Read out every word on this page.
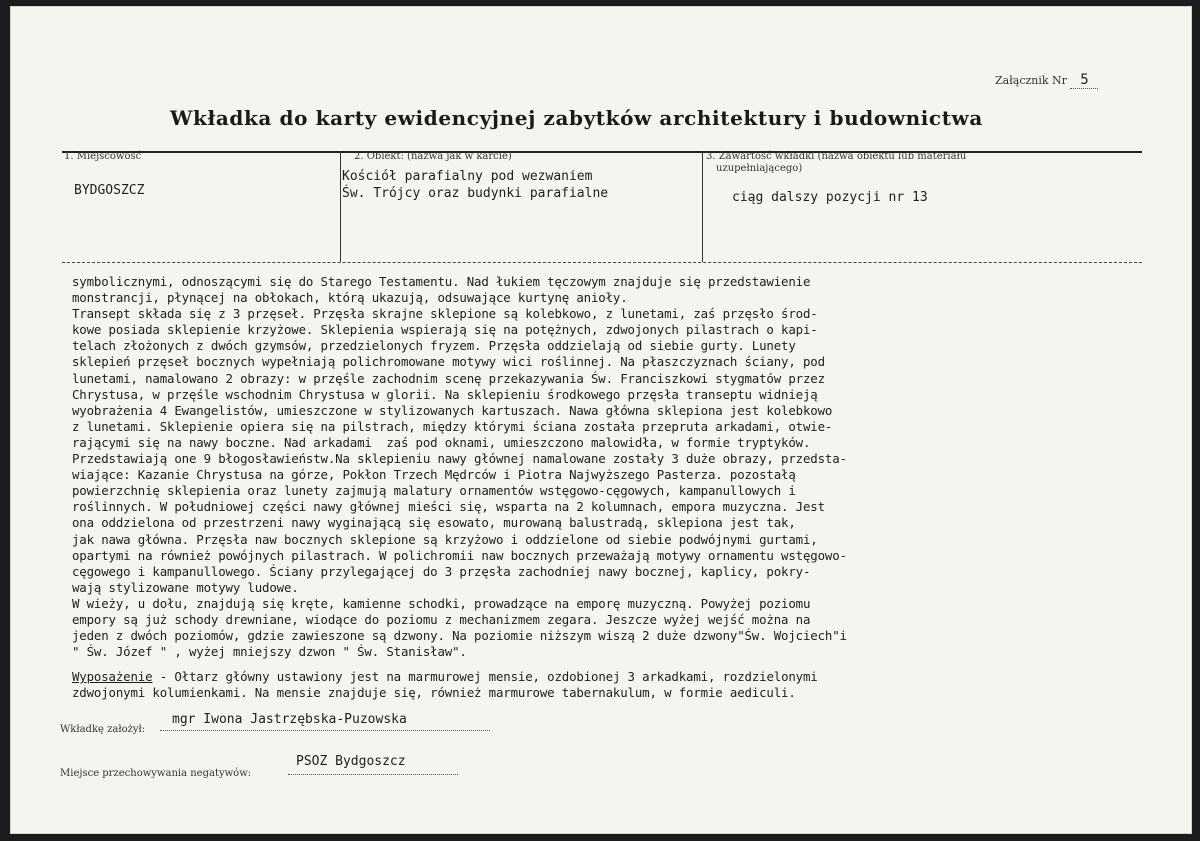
Załącznik Nr 5
Wkładka do karty ewidencyjnej zabytków architektury i budownictwa
1. Miejscowość
BYDGOSZCZ
2. Obiekt: (nazwa jak w karcie)
Kościół parafialny pod wezwaniem
Św. Trójcy oraz budynki parafialne
3. Zawartość wkładki (nazwa obiektu lub materiału
uzupełniającego)
ciąg dalszy pozycji nr 13
symbolicznymi, odnoszącymi się do Starego Testamentu. Nad łukiem tęczowym znajduje się przedstawienie
monstrancji, płynącej na obłokach, którą ukazują, odsuwające kurtynę anioły.
Transept składa się z 3 przęseł. Przęsła skrajne sklepione są kolebkowo, z lunetami, zaś przęsło środ-
kowe posiada sklepienie krzyżowe. Sklepienia wspierają się na potężnych, zdwojonych pilastrach o kapi-
telach złożonych z dwóch gzymsów, przedzielonych fryzem. Przęsła oddzielają od siebie gurty. Lunety
sklepień przęseł bocznych wypełniają polichromowane motywy wici roślinnej. Na płaszczyznach ściany, pod
lunetami, namalowano 2 obrazy: w przęśle zachodnim scenę przekazywania Św. Franciszkowi stygmatów przez
Chrystusa, w przęśle wschodnim Chrystusa w glorii. Na sklepieniu środkowego przęsła transeptu widnieją
wyobrażenia 4 Ewangelistów, umieszczone w stylizowanych kartuszach. Nawa główna sklepiona jest kolebkowo
z lunetami. Sklepienie opiera się na pilstrach, między którymi ściana została przeprutа arkadami, otwie-
rającymi się na nawy boczne. Nad arkadami  zaś pod oknami, umieszczono malowidła, w formie tryptyków.
Przedstawiają one 9 błogosławieństw.Na sklepieniu nawy głównej namalowane zostały 3 duże obrazy, przedsta-
wiające: Kazanie Chrystusa na górze, Pokłon Trzech Mędrców i Piotra Najwyższego Pasterza. pozostałą
powierzchnię sklepienia oraz lunety zajmują malatury ornamentów wstęgowo-cęgowych, kampanullowych i
roślinnych. W południowej części nawy głównej mieści się, wsparta na 2 kolumnach, empora muzyczna. Jest
ona oddzielona od przestrzeni nawy wyginającą się esowato, murowaną balustradą, sklepiona jest tak,
jak nawa główna. Przęsła naw bocznych sklepione są krzyżowo i oddzielone od siebie podwójnymi gurtami,
opartymi na również powójnych pilastrach. W polichromii naw bocznych przeważają motywy ornamentu wstęgowo-
cęgowego i kampanullowego. Ściany przylegającej do 3 przęsła zachodniej nawy bocznej, kaplicy, pokry-
wają stylizowane motywy ludowe.
W wieży, u dołu, znajdują się kręte, kamienne schodki, prowadzące na emporę muzyczną. Powyżej poziomu
empory są już schody drewniane, wiodące do poziomu z mechanizmem zegara. Jeszcze wyżej wejść można na
jeden z dwóch poziomów, gdzie zawieszone są dzwony. Na poziomie niższym wiszą 2 duże dzwony"Św. Wojciech"i
" Św. Józef " , wyżej mniejszy dzwon " Św. Stanisław".
Wyposażenie - Ołtarz główny ustawiony jest na marmurowej mensie, ozdobionej 3 arkadkami, rozdzielonymi
zdwojonymi kolumienkami. Na mensie znajduje się, również marmurowe tabernakulum, w formie aediculi.
Wkładkę założył:
mgr Iwona Jastrzębska-Puzowska
Miejsce przechowywania negatywów:
PSOZ Bydgoszcz
